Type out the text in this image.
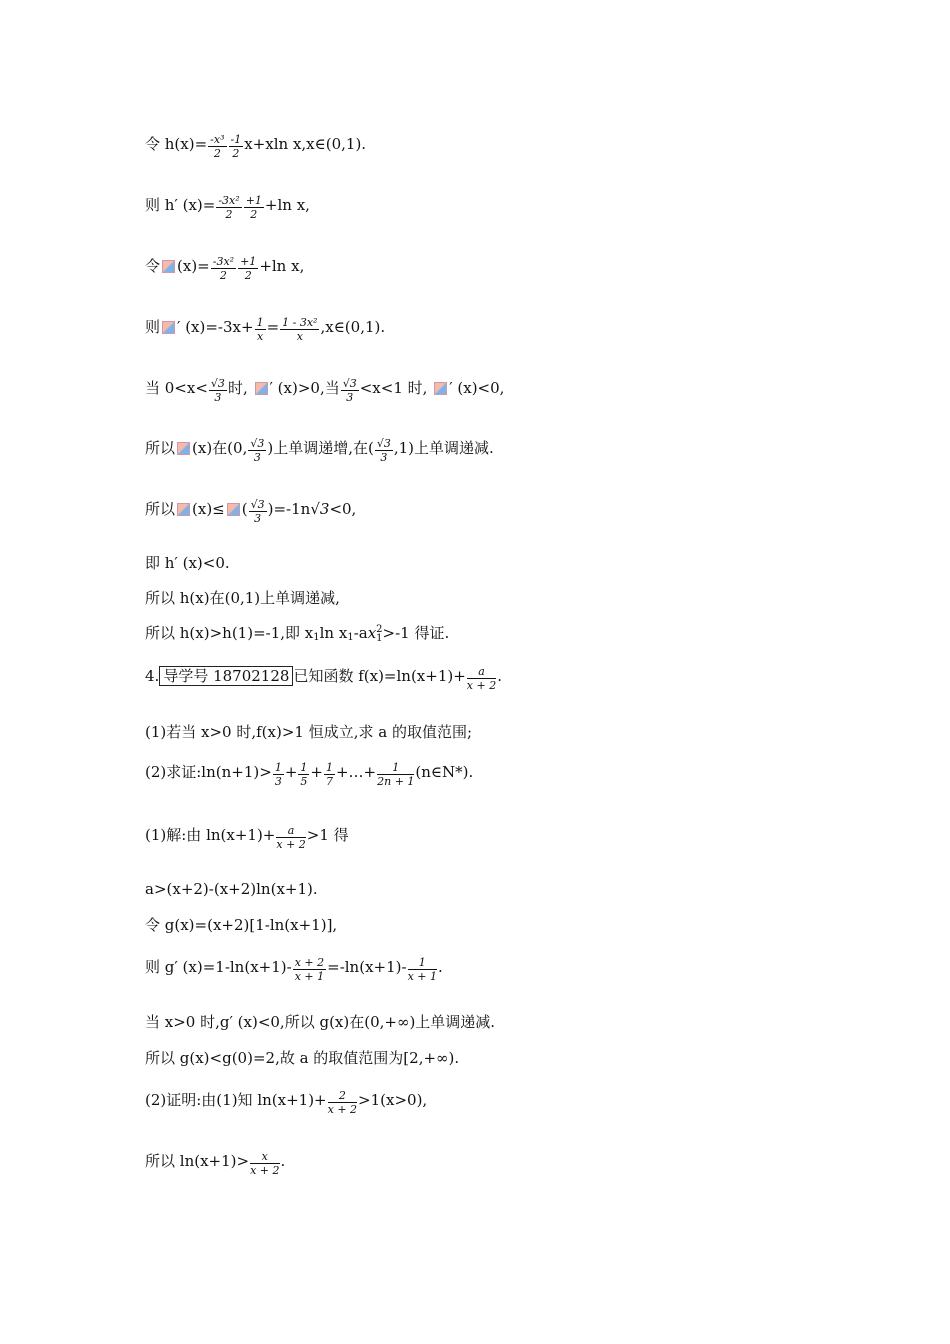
令 $h(x)= \frac{\text{-x³}}{2} \frac{-1}{2} x+xln$ x,x∈(0,1).
则 h′ $(x)= \frac{\text{-3x²}}{2} \frac{+1}{2} +\ln$ x,
令 $(x)= \frac{\text{-3x²}}{2} \frac{+1}{2} +\ln$ x,
则 ′ $(x)=-3x+ \frac{1}{x} = \frac{\text{1 - 3x²}}{x}$ ,x∈(0,1).
当 $0<x< \frac{√3}{3}$ 时, ′ (x)>0,当 $\frac{√3}{3} <x<1$ 时, ′ (x)<0,
所以 (x)在(0, $\frac{√3}{3}$ )上单调递增,在( $\frac{√3}{3} ,1$)上单调递减.
所以 (x)≤ ( $\frac{√3}{3} )=-1n√3<0$,
即 h′ (x)<0.
所以 h(x)在(0,1)上单调递减,
所以 h(x)>h(1)=-1,即 $x_1\ln$ $x_1-ax$ 2
1 >-1 得证.
4. 导学号 18702128 已知函数 $f(x)=\ln(x+1)+ \frac{a}{x + 2}$ .
(1)若当 x>0 时,f(x)>1 恒成立,求 a 的取值范围;
(2)求证:ln(n+1)> $\frac{1}{3} + \frac{1}{5} + \frac{1}{7}$ +…+ $\frac{1}{2n + 1}$ (n∈N*).
(1)解:由 $\ln(x+1)+ \frac{a}{x + 2} >1$ 得
a>(x+2)-(x+2)ln(x+1).
令 g(x)=(x+2)[1-ln(x+1)],
则 g′ $(x)=1-\ln(x+1)- \frac{x + 2}{x + 1} =-\ln(x+1)- \frac{1}{x + 1}$ .
当 x>0 时,g′ (x)<0,所以 g(x)在(0,+∞)上单调递减.
所以 g(x)<g(0)=2,故 a 的取值范围为[2,+∞).
(2)证明:由(1)知 $\ln(x+1)+ \frac{2}{x + 2} >1(x>0)$,
所以 $\ln(x+1)> \frac{x}{x + 2}$ .
